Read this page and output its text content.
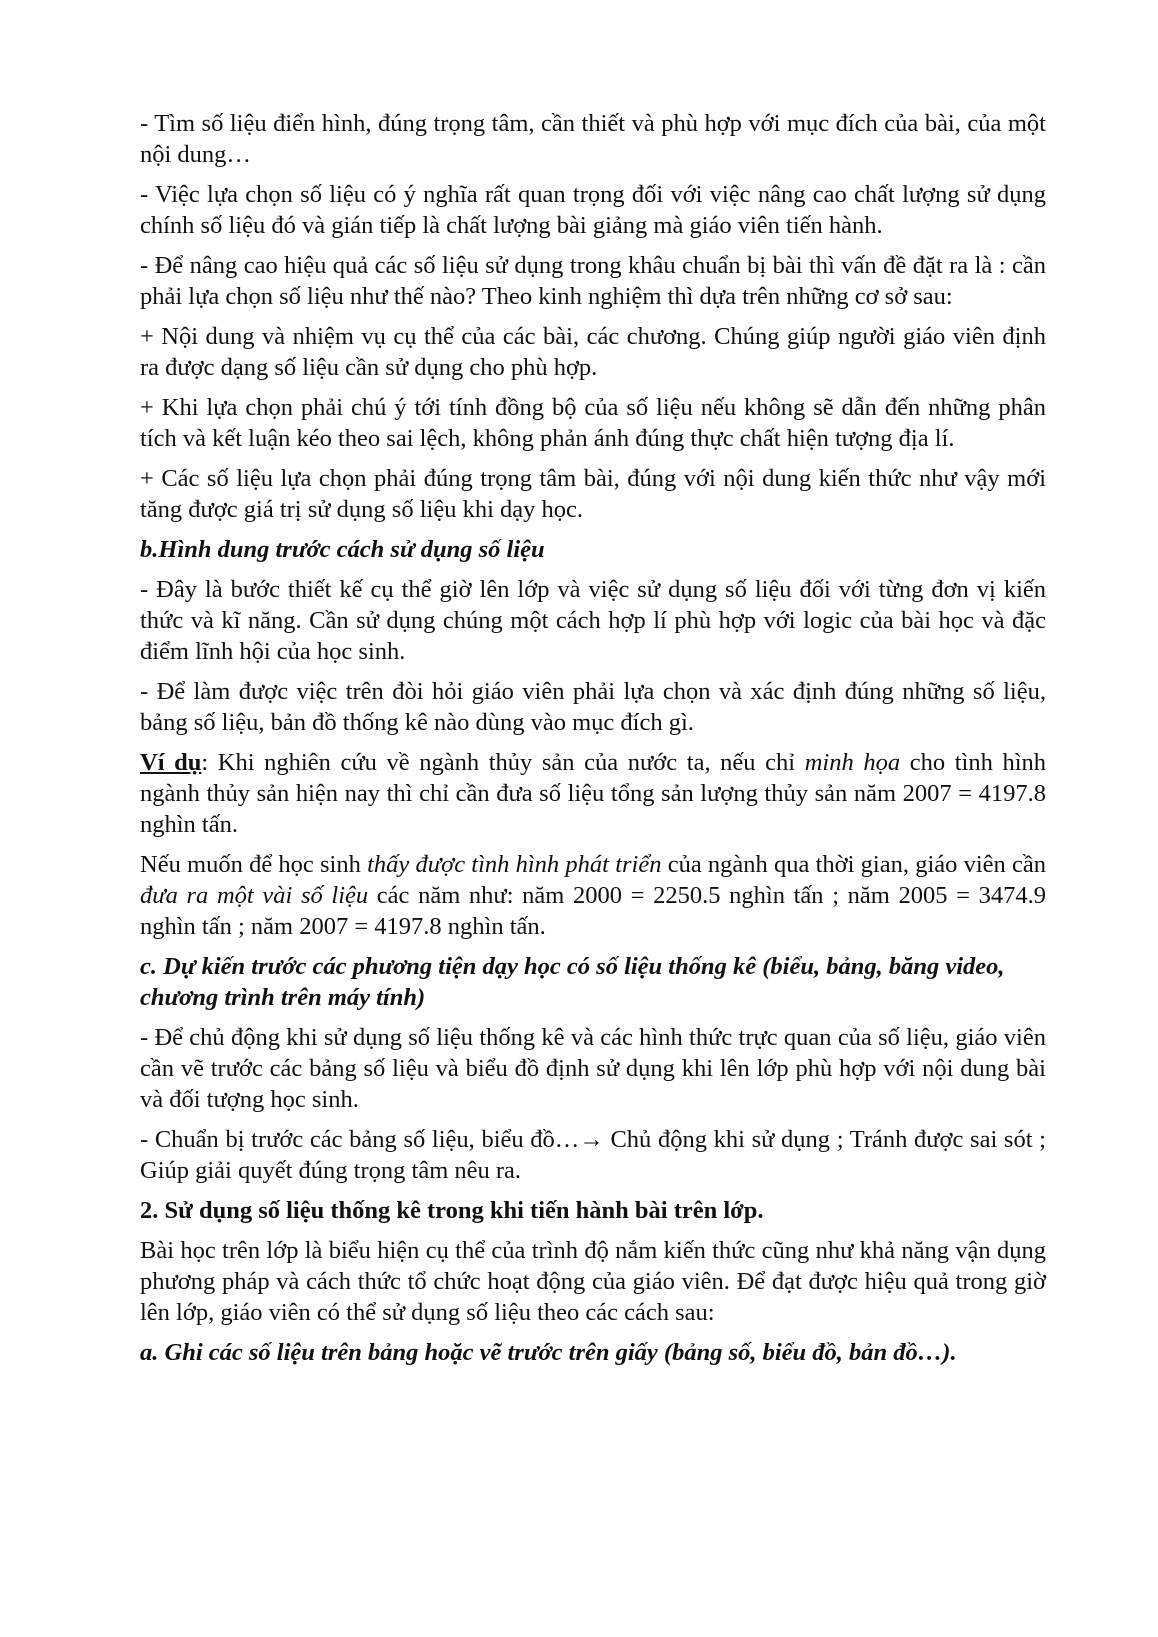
- Tìm số liệu điển hình, đúng trọng tâm, cần thiết và phù hợp với mục đích của bài, của một nội dung…

- Việc lựa chọn số liệu có ý nghĩa rất quan trọng đối với việc nâng cao chất lượng sử dụng chính số liệu đó và gián tiếp là chất lượng bài giảng mà giáo viên tiến hành.

- Để nâng cao hiệu quả các số liệu sử dụng trong khâu chuẩn bị bài thì vấn đề đặt ra là : cần phải lựa chọn số liệu như thế nào? Theo kinh nghiệm thì dựa trên những cơ sở sau:

+ Nội dung và nhiệm vụ cụ thể của các bài, các chương. Chúng giúp người giáo viên định ra được dạng số liệu cần sử dụng cho phù hợp.

+ Khi lựa chọn phải chú ý tới tính đồng bộ của số liệu nếu không sẽ dẫn đến những phân tích và kết luận kéo theo sai lệch, không phản ánh đúng thực chất hiện tượng địa lí.

+ Các số liệu lựa chọn phải đúng trọng tâm bài, đúng với nội dung kiến thức như vậy mới tăng được giá trị sử dụng số liệu khi dạy học.

b.Hình dung trước cách sử dụng số liệu

- Đây là bước thiết kế cụ thể giờ lên lớp và việc sử dụng số liệu đối với từng đơn vị kiến thức và kĩ năng. Cần sử dụng chúng một cách hợp lí phù hợp với logic của bài học và đặc điểm lĩnh hội của học sinh.

- Để làm được việc trên đòi hỏi giáo viên phải lựa chọn và xác định đúng những số liệu, bảng số liệu, bản đồ thống kê nào dùng vào mục đích gì.

Ví dụ: Khi nghiên cứu về ngành thủy sản của nước ta, nếu chỉ minh họa cho tình hình ngành thủy sản hiện nay thì chỉ cần đưa số liệu tổng sản lượng thủy sản năm 2007 = 4197.8 nghìn tấn.

Nếu muốn để học sinh thấy được tình hình phát triển của ngành qua thời gian, giáo viên cần đưa ra một vài số liệu các năm như: năm 2000 = 2250.5 nghìn tấn ; năm 2005 = 3474.9 nghìn tấn ; năm 2007 = 4197.8 nghìn tấn.

c. Dự kiến trước các phương tiện dạy học có số liệu thống kê (biểu, bảng, băng video, chương trình trên máy tính)

- Để chủ động khi sử dụng số liệu thống kê và các hình thức trực quan của số liệu, giáo viên cần vẽ trước các bảng số liệu và biểu đồ định sử dụng khi lên lớp phù hợp với nội dung bài và đối tượng học sinh.

- Chuẩn bị trước các bảng số liệu, biểu đồ…→ Chủ động khi sử dụng ; Tránh được sai sót ; Giúp giải quyết đúng trọng tâm nêu ra.

2. Sử dụng số liệu thống kê trong khi tiến hành bài trên lớp.

Bài học trên lớp là biểu hiện cụ thể của trình độ nắm kiến thức cũng như khả năng vận dụng phương pháp và cách thức tổ chức hoạt động của giáo viên. Để đạt được hiệu quả trong giờ lên lớp, giáo viên có thể sử dụng số liệu theo các cách sau:

a. Ghi các số liệu trên bảng hoặc vẽ trước trên giấy (bảng số, biểu đồ, bản đồ…).
